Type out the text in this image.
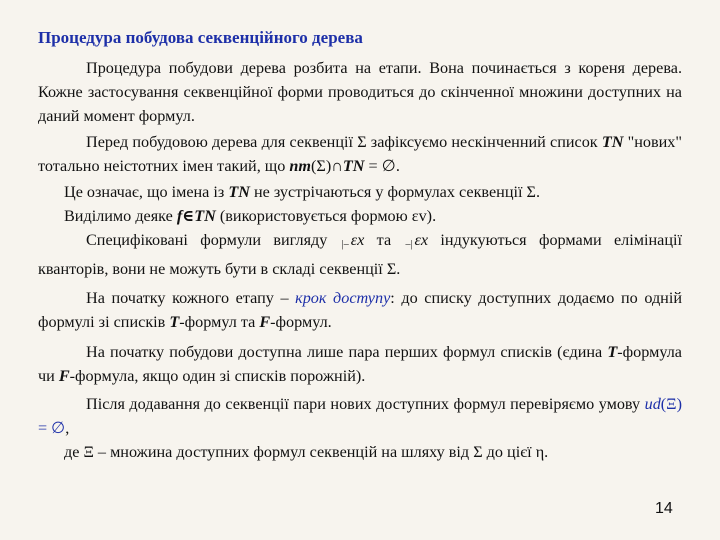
Процедура побудова секвенційного дерева
Процедура побудови дерева розбита на етапи. Вона починається з кореня дерева. Кожне застосування секвенційної форми проводиться до скінченної множини доступних на даний момент формул.
Перед побудовою дерева для секвенції Σ зафіксуємо нескінченний список TN "нових" тотально неістотних імен такий, що nm(Σ)∩TN = ∅.
Це означає, що імена із TN не зустрічаються у формулах секвенції Σ.
Виділимо деяке f∈TN (використовується формою εv).
Специфіковані формули вигляду |– εx та –| εx індукуються формами елімінації кванторів, вони не можуть бути в складі секвенції Σ.
На початку кожного етапу – крок доступу: до списку доступних додаємо по одній формулі зі списків T-формул та F-формул.
На початку побудови доступна лише пара перших формул списків (єдина T-формула чи F-формула, якщо один зі списків порожній).
Після додавання до секвенції пари нових доступних формул перевіряємо умову ud(Ξ) = ∅,
де Ξ – множина доступних формул секвенцій на шляху від Σ до цієї η.
14
